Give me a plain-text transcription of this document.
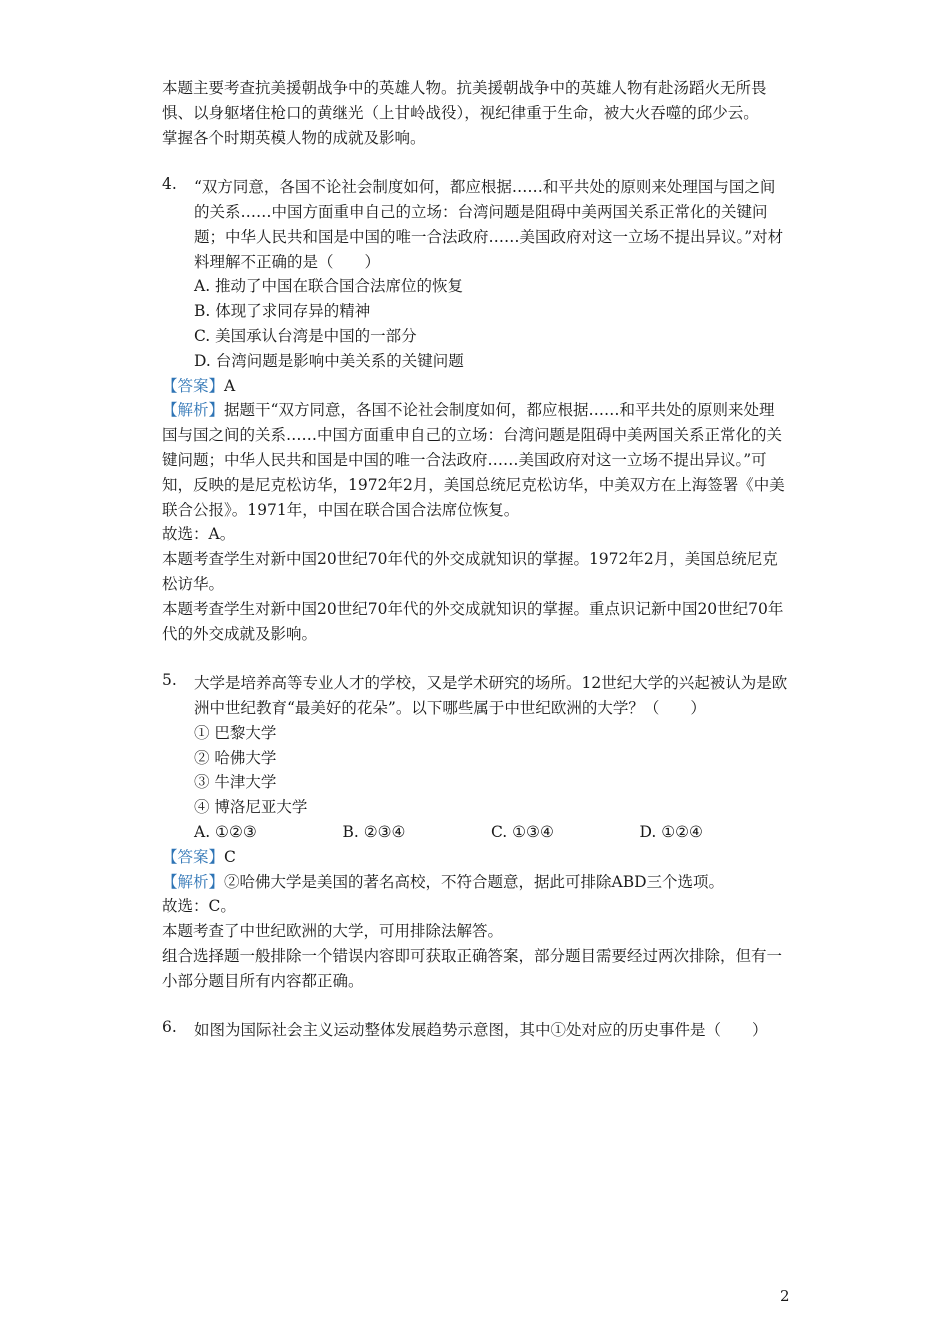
本题主要考查抗美援朝战争中的英雄人物。抗美援朝战争中的英雄人物有赴汤蹈火无所畏惧、以身躯堵住枪口的黄继光（上甘岭战役），视纪律重于生命，被大火吞噬的邱少云。

掌握各个时期英模人物的成就及影响。

4. “双方同意，各国不论社会制度如何，都应根据……和平共处的原则来处理国与国之间的关系……中国方面重申自己的立场：台湾问题是阻碍中美两国关系正常化的关键问题；中华人民共和国是中国的唯一合法政府……美国政府对这一立场不提出异议。”对材料理解不正确的是（　　）

A. 推动了中国在联合国合法席位的恢复
B. 体现了求同存异的精神
C. 美国承认台湾是中国的一部分
D. 台湾问题是影响中美关系的关键问题

【答案】A

【解析】据题干“双方同意，各国不论社会制度如何，都应根据……和平共处的原则来处理国与国之间的关系……中国方面重申自己的立场：台湾问题是阻碍中美两国关系正常化的关键问题；中华人民共和国是中国的唯一合法政府……美国政府对这一立场不提出异议。”可知，反映的是尼克松访华，1972年2月，美国总统尼克松访华，中美双方在上海签署《中美联合公报》。1971年，中国在联合国合法席位恢复。

故选：A。

本题考查学生对新中国20世纪70年代的外交成就知识的掌握。1972年2月，美国总统尼克松访华。

本题考查学生对新中国20世纪70年代的外交成就知识的掌握。重点识记新中国20世纪70年代的外交成就及影响。

5. 大学是培养高等专业人才的学校，又是学术研究的场所。12世纪大学的兴起被认为是欧洲中世纪教育“最美好的花朵”。以下哪些属于中世纪欧洲的大学？（　　）

① 巴黎大学
② 哈佛大学
③ 牛津大学
④ 博洛尼亚大学
A. ①②③	B. ②③④	C. ①③④	D. ①②④

【答案】C

【解析】②哈佛大学是美国的著名高校，不符合题意，据此可排除ABD三个选项。

故选：C。

本题考查了中世纪欧洲的大学，可用排除法解答。

组合选择题一般排除一个错误内容即可获取正确答案，部分题目需要经过两次排除，但有一小部分题目所有内容都正确。

6. 如图为国际社会主义运动整体发展趋势示意图，其中①处对应的历史事件是（　　）

2
